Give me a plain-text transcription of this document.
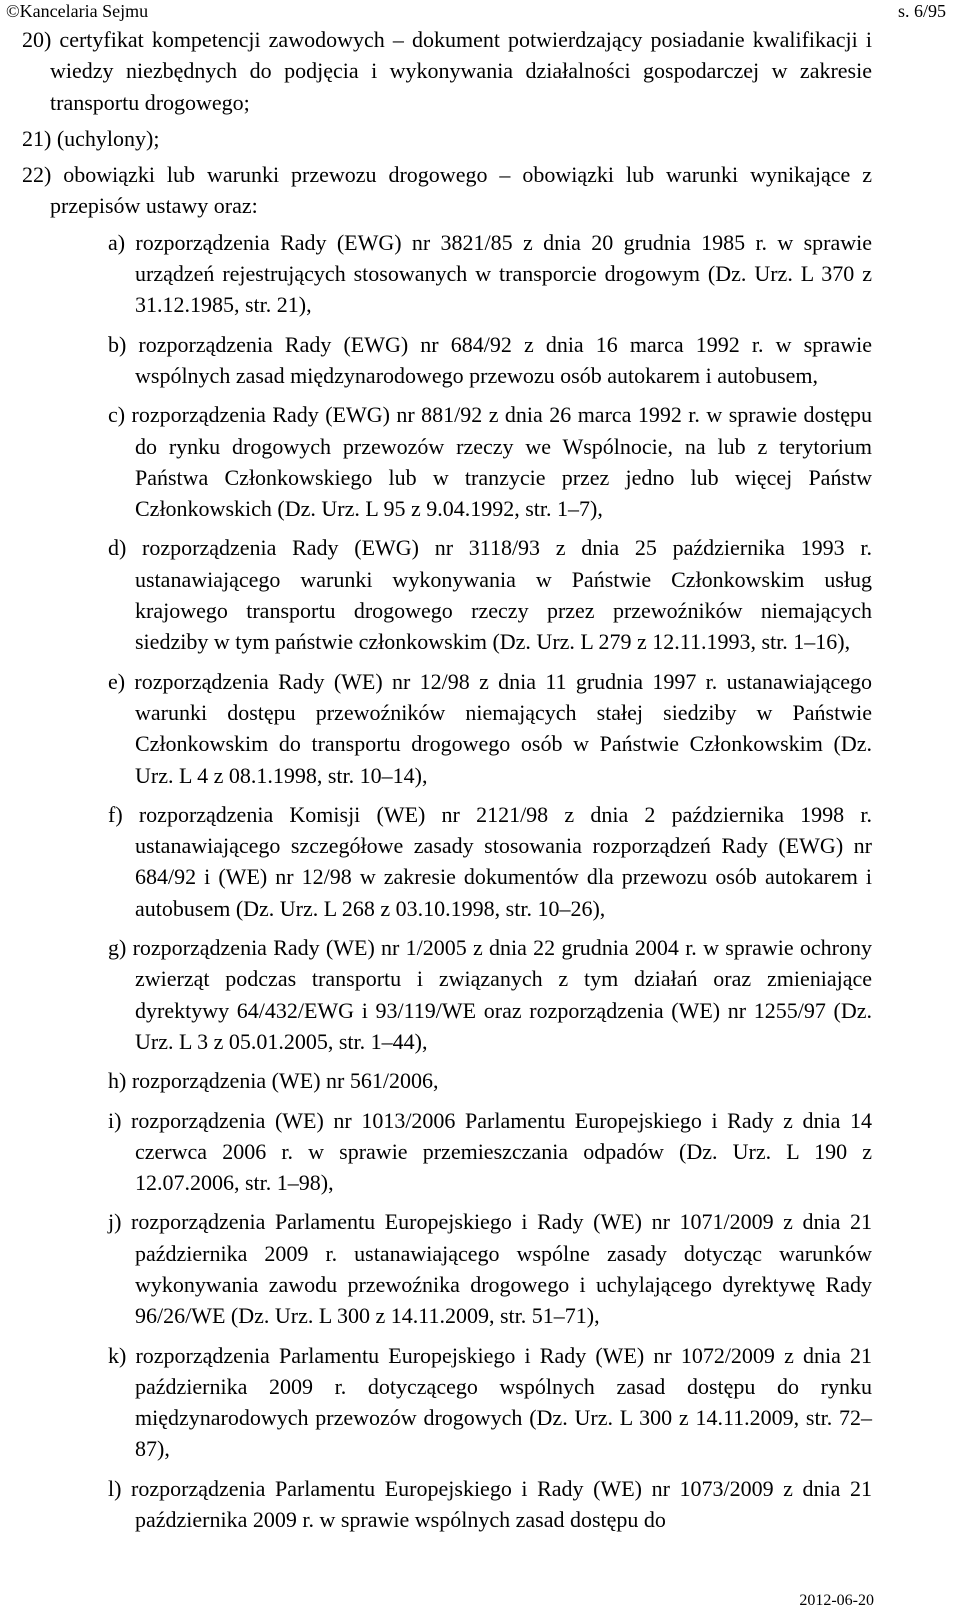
©Kancelaria Sejmu	s. 6/95

20) certyfikat kompetencji zawodowych – dokument potwierdzający posiadanie kwalifikacji i wiedzy niezbędnych do podjęcia i wykonywania działalności gospodarczej w zakresie transportu drogowego;

21) (uchylony);

22) obowiązki lub warunki przewozu drogowego – obowiązki lub warunki wynikające z przepisów ustawy oraz:

a) rozporządzenia Rady (EWG) nr 3821/85 z dnia 20 grudnia 1985 r. w sprawie urządzeń rejestrujących stosowanych w transporcie drogowym (Dz. Urz. L 370 z 31.12.1985, str. 21),

b) rozporządzenia Rady (EWG) nr 684/92 z dnia 16 marca 1992 r. w sprawie wspólnych zasad międzynarodowego przewozu osób autokarem i autobusem,

c) rozporządzenia Rady (EWG) nr 881/92 z dnia 26 marca 1992 r. w sprawie dostępu do rynku drogowych przewozów rzeczy we Wspólnocie, na lub z terytorium Państwa Członkowskiego lub w tranzycie przez jedno lub więcej Państw Członkowskich (Dz. Urz. L 95 z 9.04.1992, str. 1–7),

d) rozporządzenia Rady (EWG) nr 3118/93 z dnia 25 października 1993 r. ustanawiającego warunki wykonywania w Państwie Członkowskim usług krajowego transportu drogowego rzeczy przez przewoźników niemających siedziby w tym państwie członkowskim (Dz. Urz. L 279 z 12.11.1993, str. 1–16),

e) rozporządzenia Rady (WE) nr 12/98 z dnia 11 grudnia 1997 r. ustanawiającego warunki dostępu przewoźników niemających stałej siedziby w Państwie Członkowskim do transportu drogowego osób w Państwie Członkowskim (Dz. Urz. L 4 z 08.1.1998, str. 10–14),

f) rozporządzenia Komisji (WE) nr 2121/98 z dnia 2 października 1998 r. ustanawiającego szczegółowe zasady stosowania rozporządzeń Rady (EWG) nr 684/92 i (WE) nr 12/98 w zakresie dokumentów dla przewozu osób autokarem i autobusem (Dz. Urz. L 268 z 03.10.1998, str. 10–26),

g) rozporządzenia Rady (WE) nr 1/2005 z dnia 22 grudnia 2004 r. w sprawie ochrony zwierząt podczas transportu i związanych z tym działań oraz zmieniające dyrektywy 64/432/EWG i 93/119/WE oraz rozporządzenia (WE) nr 1255/97 (Dz. Urz. L 3 z 05.01.2005, str. 1–44),

h) rozporządzenia (WE) nr 561/2006,

i) rozporządzenia (WE) nr 1013/2006 Parlamentu Europejskiego i Rady z dnia 14 czerwca 2006 r. w sprawie przemieszczania odpadów (Dz. Urz. L 190 z 12.07.2006, str. 1–98),

j) rozporządzenia Parlamentu Europejskiego i Rady (WE) nr 1071/2009 z dnia 21 października 2009 r. ustanawiającego wspólne zasady dotycząc warunków wykonywania zawodu przewoźnika drogowego i uchylającego dyrektywę Rady 96/26/WE (Dz. Urz. L 300 z 14.11.2009, str. 51–71),

k) rozporządzenia Parlamentu Europejskiego i Rady (WE) nr 1072/2009 z dnia 21 października 2009 r. dotyczącego wspólnych zasad dostępu do rynku międzynarodowych przewozów drogowych (Dz. Urz. L 300 z 14.11.2009, str. 72–87),

l) rozporządzenia Parlamentu Europejskiego i Rady (WE) nr 1073/2009 z dnia 21 października 2009 r. w sprawie wspólnych zasad dostępu do

2012-06-20
